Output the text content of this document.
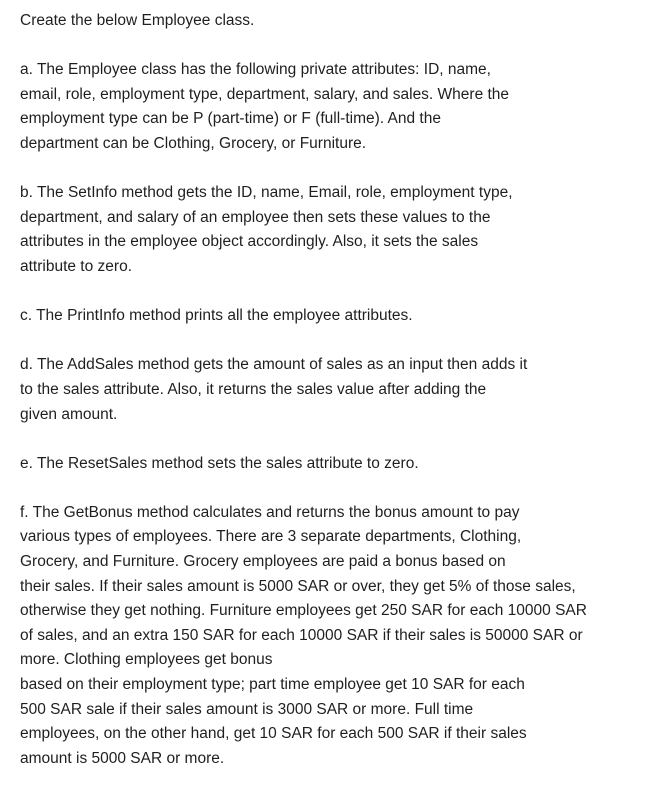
Create the below Employee class.
a. The Employee class has the following private attributes: ID, name,
email, role, employment type, department, salary, and sales. Where the
employment type can be P (part-time) or F (full-time). And the
department can be Clothing, Grocery, or Furniture.
b. The SetInfo method gets the ID, name, Email, role, employment type,
department, and salary of an employee then sets these values to the
attributes in the employee object accordingly. Also, it sets the sales
attribute to zero.
c. The PrintInfo method prints all the employee attributes.
d. The AddSales method gets the amount of sales as an input then adds it
to the sales attribute. Also, it returns the sales value after adding the
given amount.
e. The ResetSales method sets the sales attribute to zero.
f. The GetBonus method calculates and returns the bonus amount to pay
various types of employees. There are 3 separate departments, Clothing,
Grocery, and Furniture. Grocery employees are paid a bonus based on
their sales. If their sales amount is 5000 SAR or over, they get 5% of those sales,
otherwise they get nothing. Furniture employees get 250 SAR for each 10000 SAR
of sales, and an extra 150 SAR for each 10000 SAR if their sales is 50000 SAR or
more. Clothing employees get bonus
based on their employment type; part time employee get 10 SAR for each
500 SAR sale if their sales amount is 3000 SAR or more. Full time
employees, on the other hand, get 10 SAR for each 500 SAR if their sales
amount is 5000 SAR or more.
